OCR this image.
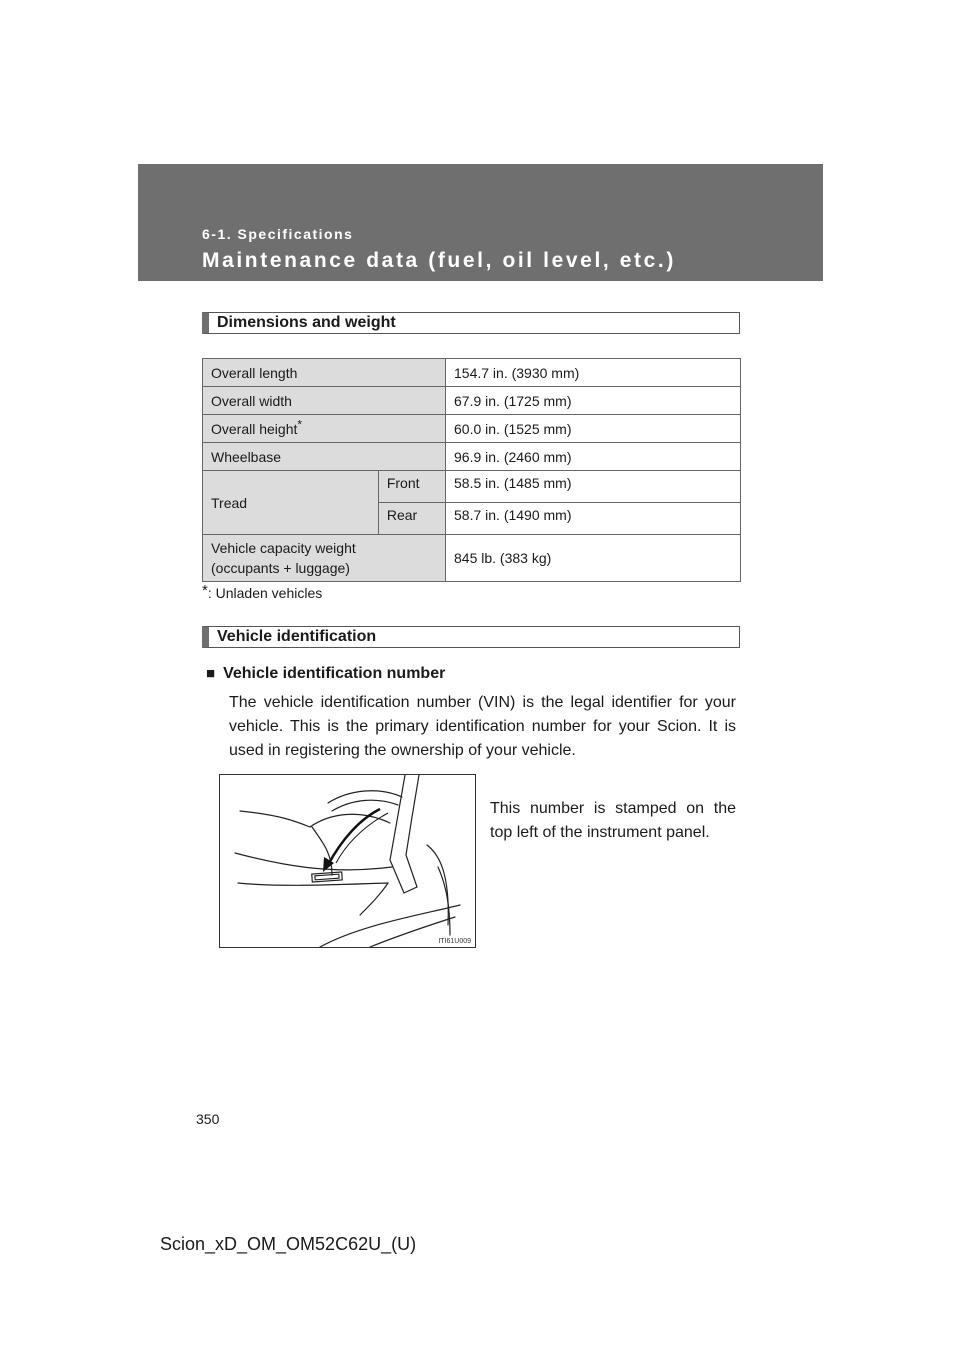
6-1. Specifications
Maintenance data (fuel, oil level, etc.)
Dimensions and weight
Overall length		154.7 in. (3930 mm)
Overall width		67.9 in. (1725 mm)
Overall height*		60.0 in. (1525 mm)
Wheelbase		96.9 in. (2460 mm)
Tread	Front	58.5 in. (1485 mm)
	Rear	58.7 in. (1490 mm)
Vehicle capacity weight
(occupants + luggage)		845 lb. (383 kg)
*: Unladen vehicles
Vehicle identification
■ Vehicle identification number
The vehicle identification number (VIN) is the legal identifier for your vehicle. This is the primary identification number for your Scion. It is used in registering the ownership of your vehicle.
ITI61U009
This number is stamped on the top left of the instrument panel.
350
Scion_xD_OM_OM52C62U_(U)
